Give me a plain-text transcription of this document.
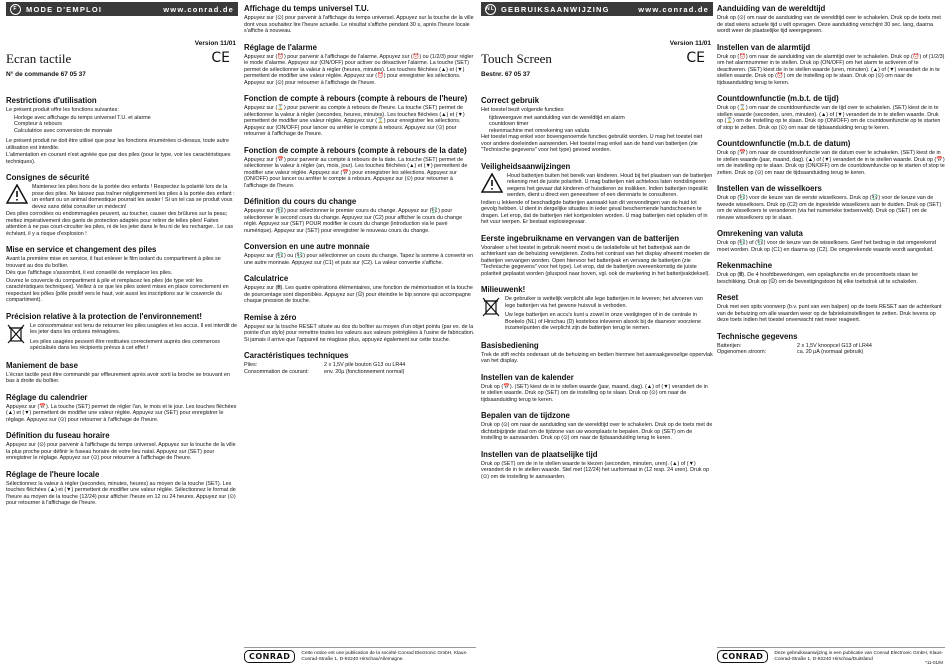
F	MODE D'EMPLOI	www.conrad.de
Version 11/01
CE
Ecran tactile
N° de commande 67 05 37
Restrictions d'utilisation

Le présent produit offre les fonctions suivantes:

• Horloge avec affichage du temps universel T.U. et alarme
• Compteur à rebours
• Calculatrice avec conversion de monnaie

Le présent produit ne doit être utilisé que pour les fonctions énumérées ci-dessus, toute autre utilisation est interdite.

L'alimentation en courant n'est agréée que par des piles (pour le type, voir les caractéristiques techniques).

Consignes de sécurité

Maintenez les piles hors de la portée des enfants ! Respectez la polarité lors de la pose des piles. Ne laissez pas traîner négligemment les piles à la portée des enfant : un enfant ou un animal domestique pourrait les avaler ! Si un tel cas se produit vous devez sans délai consulter un médecin!

Des piles corrodées ou endommagées peuvent, au toucher, causer des brûlures sur la peau; mettez impérativement des gants de protection adaptés pour retirer de telles piles! Faites attention à ne pas court-circuiter les piles, ni de les jeter dans le feu ni de les recharger.. Le cas échéant, il y a risque d'explosion !

Mise en service et changement des piles

Avant la première mise en service, il faut enlever le film isolant du compartiment à piles se trouvant au dos du boîtier.

Dès que l'affichage s'assombrit, il est conseillé de remplacer les piles.

Ouvrez le couvercle du compartiment à pile et remplacez les piles (de type voir les caractéristiques techniques). Veillez à ce que les piles soient mises en place correctement en respectant les pôles (pôle positif vers le haut, voir aussi les inscriptions sur le couvercle du compartiment).

Précision relative à la protection de l'environnement!

Le consommateur est tenu de retourner les piles usagées et les accus. Il est interdit de les jeter dans les ordures ménagères.

Les piles usagées peuvent être restituées correctement auprès des commerces spécialisés dans les récipients prévus à cet effet !

Maniement de base

L'écran tactile peut être commandé par effleurement après avoir sorti la broche se trouvant en bas à droite du boîtier.

Réglage du calendrier

Appuyez sur (📅). La touche (SET) permet de régler l'an, le mois et le jour. Les touches fléchées (▲) et (▼) permettent de modifier une valeur réglée. Appuyez sur (SET) pour enregistrer le réglage. Appuyez sur (⊙) pour retourner à l'affichage de l'heure.

Définition du fuseau horaire

Appuyez sur (⊙) pour parvenir à l'affichage du temps universel. Appuyez sur la touche de la ville la plus proche pour définir le fuseau horaire de votre lieu natal. Appuyez sur (SET) pour enregistrer le réglage. Appuyez sur (⊙) pour retourner à l'affichage de l'heure.

Réglage de l'heure locale

Sélectionnez la valeur à régler (secondes, minutes, heures) au moyen de la touche (SET). Les touches fléchées (▲) et (▼) permettent de modifier une valeur réglée. Sélectionnez le format de l'heure au moyen de la touche (12/24) pour afficher l'heure en 12 ou 24 heures. Appuyez sur (⊙) pour retourner à l'affichage de l'heure.

Affichage du temps universel T.U.

Appuyez sur (⊙) pour parvenir à l'affichage du temps universel. Appuyez sur la touche de la ville dont vous souhaitez lire l'heure actuelle. Le résultat s'affiche pendant 30 s, après l'heure locale s'affiche à nouveau.

Réglage de l'alarme

Appuyez sur (⏰) pour parvenir à l'affichage de l'alarme. Appuyez sur (⏰) ou (1/2/3) pour régler le mode d'alarme. Appuyez sur (ON/OFF) pour activer ou désactiver l'alarme. La touche (SET) permet de sélectionner la valeur à régler (heures, minutes). Les touches fléchées (▲) et (▼) permettent de modifier une valeur réglée. Appuyez sur (⏰) pour enregistrer les sélections. Appuyez sur (⊙) pour retourner à l'affichage de l'heure.

Fonction de compte à rebours (compte à rebours de l'heure)

Appuyez sur (⌛) pour parvenir au compte à rebours de l'heure. La touche (SET) permet de sélectionner la valeur à régler (secondes, heures, minutes). Les touches fléchées (▲) et (▼) permettent de modifier une valeur réglée. Appuyez sur (⌛) pour enregistrer les sélections. Appuyez sur (ON/OFF) pour lancer ou arrêter le compte à rebours. Appuyez sur (⊙) pour retourner à l'affichage de l'heure.

Fonction de compte à rebours (compte à rebours de la date)

Appuyez sur (📅) pour parvenir au compte à rebours de la date. La touche (SET) permet de sélectionner la valeur à régler (an, mois, jour). Les touches fléchées (▲) et (▼) permettent de modifier une valeur réglée. Appuyez sur (📅) pour enregistrer les sélections. Appuyez sur (ON/OFF) pour lancer ou arrêter le compte à rebours. Appuyez sur (⊙) pour retourner à l'affichage de l'heure.

Définition du cours du change

Appuyez sur (💱) pour sélectionner le premier cours du change. Appuyez sur (💱) pour sélectionner le second cours du change. Appuyez sur (C2) pour afficher le cours du change réglé. Appuyez sur (SET) POUR modifier le cours du change (introduction via le pavé numérique). Appuyez sur (SET) pour enregistrer le nouveau cours du change.

Conversion en une autre monnaie

Appuyez sur (💱) ou (💱) pour sélectionner un cours du change. Tapez la somme à convertir en une autre monnaie. Appuyez sur (C1) et puis sur (C2). La valeur convertie s'affiche.

Calculatrice

Appuyez sur (🖩). Les quatre opérations élémentaires, une fonction de mémorisation et la touche de pourcentage sont disponibles. Appuyez sur (⊙) pour éteindre le bip sonore qui accompagne chaque pression de touche.

Remise à zéro

Appuyez sur la touche RESET située au dos du boîtier au moyen d'un objet pointu (par ex. de la pointe d'un stylo) pour remettre toutes les valeurs aux valeurs préréglées à l'usine de fabrication. Si jamais il arrive que l'appareil ne réagisse plus, appuyez également sur cette touche.

Caractéristiques techniques
Piles:	2 x 1,5V pile bouton G13 ou LR44
Consommation de courant:	env. 20µ (fonctionnement normal)
CONRAD	Cette notice est une publication de la société Conrad Electronic GmbH, Klaus-Conrad-Straße 1, D-92240 Hirschau/Allemagne.
NL GEBRUIKSAANWIJZING	www.conrad.de
Version 11/01
CE
Touch Screen
Bestnr. 67 05 37
Correct gebruik

Het toestel bezit volgende functies:

• tijdsweergave met aanduiding van de wereldtijd en alarm
• countdown timer
• rekenmachine met omrekening van valuta

Het toestel mag enkel voor bovengenoemde functies gebruikt worden. U mag het toestel niet voor andere doeleinden aanwenden. Het toestel mag enkel aan de hand van batterijen (zie "Technische gegevens" voor het type) gevoed worden.

Veiligheidsaanwijzingen

Houd batterijen buiten het bereik van kinderen. Houd bij het plaatsen van de batterijen rekening met de juiste polariteit. U mag batterijen niet achteloos laten rondslingeren wegens het gevaar dat kinderen of huisdieren ze inslikken. Indien batterijen ingeslikt werden, dient u direct een geneesheer of een dierenarts te consulteren.

Indien u lekkende of beschadigde batterijen aanraakt kan dit verwondingen van de huid tot gevolg hebben. U dient in dergelijke situaties in ieder geval beschermende handschoenen te dragen. Let erop, dat de batterijen niet kortgesloten worden. U mag batterijen niet opladen of in het vuur werpen. Er bestaat explosiegevaar.

Eerste ingebruikname en vervangen van de batterijen

Vooraleer u het toestel in gebruik neemt moet u de isolatiefolie uit het batterijvak aan de achterkant van de behuizing verwijderen. Zodra het contrast van het display afneemt moeten de batterijen vervangen worden. Open hiervoor het batterijvak en vervang de batterijen (zie "Technische gegevens" voor het type). Let erop, dat de batterijen overeenkomstig de juiste polariteit geplaatst worden (pluspool naar boven, vgl. ook de markering in het batterijvakdeksel).

Milieuwenk!

De gebruiker is wettelijk verplicht alle lege batterijen in te leveren; het afvoeren van lege batterijen via het gewone huisvuil is verboden.

Uw lege batterijen en accu's kunt u zowel in onze vestigingen of in de centrale in Boekelo (NL) of Hirschau (D) kosteloos inleveren alsook bij de daarvoor voorziene inzamelpunten die verplicht zijn de batterijen terug te nemen.

Basisbediening

Trek de stift rechts onderaan uit de behuizing en bedien hiermee het aanraakgevoelige oppervlak van het display.

Instellen van de kalender

Druk op (📅). (SET) kiest de in te stellen waarde (jaar, maand, dag). (▲) of (▼) verandert de in te stellen waarde. Druk op (SET) om de instelling op te slaan. Druk op (⊙) om naar de tijdsaanduiding terug te keren.

Bepalen van de tijdzone

Druk op (⊙) om naar de aanduiding van de wereldtijd over te schakelen. Druk op de toets met de dichtstbijzijnde stad om de tijdzone van uw woonplaats te bepalen. Druk op (SET) om de instelling te aanvaarden. Druk op (⊙) om naar de tijdsaanduiding terug te keren.

Instellen van de plaatselijke tijd

Druk op (SET) om de in te stellen waarde te kiezen (seconden, minuten, uren). (▲) of (▼) verandert de in te stellen waarde. Stel met (12/24) het uurformaat in (12 resp. 24 uren). Druk op (⊙) om de instelling te aanvaarden.

Aanduiding van de wereldtijd

Druk op (⊙) om naar de aanduiding van de wereldtijd over te schakelen. Druk op de toets met de stad wiens actuele tijd u wilt opvragen. Deze aanduiding verschijnt 30 sec. lang, daarna wordt weer de plaatselijke tijd weergegeven.

Instellen van de alarmtijd

Druk op (⏰) om naar de aanduiding van de alarmtijd over te schakelen. Druk op (⏰) of (1/2/3) om het alarmnummer in te stellen. Druk op (ON/OFF) om het alarm te activeren of te deactiveren. (SET) kiest de in te stellen waarde (uren, minuten). (▲) of (▼) verandert de in te stellen waarde. Druk op (⏰) om de instelling op te slaan. Druk op (⊙) om naar de tijdsaanduiding terug te keren.

Countdownfunctie (m.b.t. de tijd)

Druk op (⌛) om naar de countdownfunctie van de tijd over te schakelen. (SET) kiest de in te stellen waarde (seconden, uren, minuten). (▲) of (▼) verandert de in te stellen waarde. Druk op (⌛) om de instelling op te slaan. Druk op (ON/OFF) om de countdownfunctie op te starten of stop te zetten. Druk op (⊙) om naar de tijdsaanduiding terug te keren.

Countdownfunctie (m.b.t. de datum)

Druk op (📅) om naar de countdownfunctie van de datum over te schakelen. (SET) kiest de in te stellen waarde (jaar, maand, dag). (▲) of (▼) verandert de in te stellen waarde. Druk op (📅) om de instelling op te slaan. Druk op (ON/OFF) om de countdownfunctie op te starten of stop te zetten. Druk op (⊙) om naar de tijdsaanduiding terug te keren.

Instellen van de wisselkoers

Druk op (💱) voor de keuze van de eerste wisselkoers. Druk op (💱) voor de keuze van de tweede wisselkoers. Druk op (C2) om de ingestelde wisselkoers aan te duiden. Druk op (SET) om de wisselkoers te veranderen (via het numerieke toetsenveld). Druk op (SET) om de nieuwe wisselkoers op te slaan.

Omrekening van valuta

Druk op (💱) of (💱) voor de keuze van de wisselkoers. Geef het bedrag in dat omgerekend moet worden. Druk op (C1) en daarna op (C2). De omgerekende waarde wordt aangeduid.

Rekenmachine

Druk op (🖩). De 4 hoofdbewerkingen, een opslagfunctie en de procenttoets staan ter beschikking. Druk op (⊙) om de bevestigingstoon bij elke toetsdruk uit te schakelen.

Reset

Druk met een spits voorwerp (b.v. punt van een balpen) op de toets RESET aan de achterkant van de behuizing om alle waarden weer op de fabrieksinstellingen te zetten. Druk tevens op deze toets indien het toestel onverwacht niet meer reageert.

Technische gegevens
Batterijen:	2 x 1,5V knoopcel G13 of LR44
Opgenomen stroom:	ca. 20 µA (normaal gebruik)
CONRAD	Deze gebruiksaanwijzing is een publicatie van Conrad Electronic GmbH, Klaus-Conrad-Straße 1, D-92240 Hirschau/Duitsland
*11-01/M
